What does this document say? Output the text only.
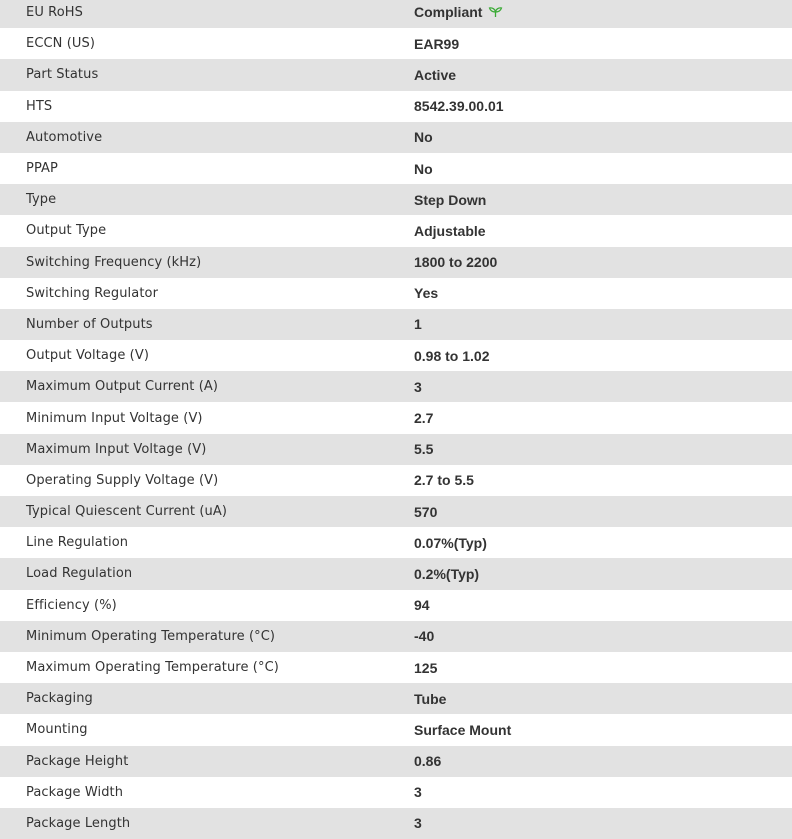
EU RoHS	Compliant
ECCN (US)	EAR99
Part Status	Active
HTS	8542.39.00.01
Automotive	No
PPAP	No
Type	Step Down
Output Type	Adjustable
Switching Frequency (kHz)	1800 to 2200
Switching Regulator	Yes
Number of Outputs	1
Output Voltage (V)	0.98 to 1.02
Maximum Output Current (A)	3
Minimum Input Voltage (V)	2.7
Maximum Input Voltage (V)	5.5
Operating Supply Voltage (V)	2.7 to 5.5
Typical Quiescent Current (uA)	570
Line Regulation	0.07%(Typ)
Load Regulation	0.2%(Typ)
Efficiency (%)	94
Minimum Operating Temperature (°C)	-40
Maximum Operating Temperature (°C)	125
Packaging	Tube
Mounting	Surface Mount
Package Height	0.86
Package Width	3
Package Length	3
